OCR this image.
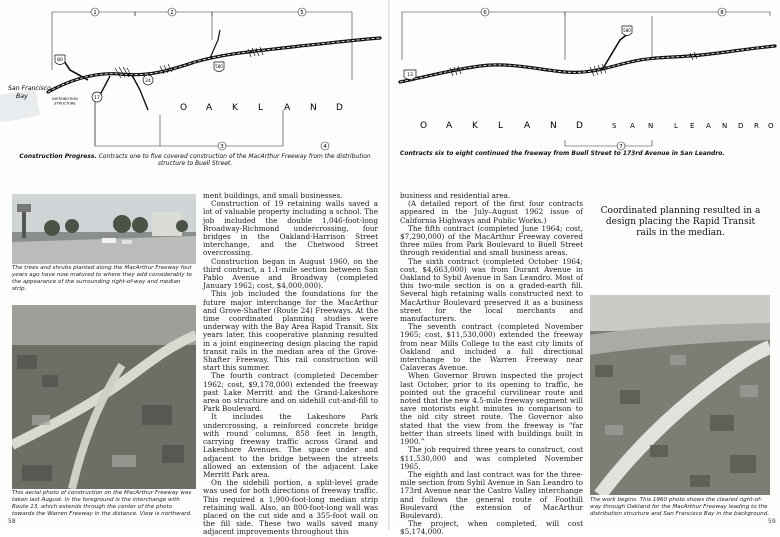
1	2
3
5
San Francisco
Bay	DISTRIBUTION
STRUCTURE
80
17
24
580
O A K L A N D
4
Construction Progress. Contracts one to five covered construction of the MacArthur Freeway from the distribution structure to Buell Street.
The trees and shrubs planted along the MacArthur Freeway four years ago have now matured to where they add considerably to the appearance of the surrounding right-of-way and median strip.
This aerial photo of construction on the MacArthur Freeway was taken last August. In the foreground is the interchange with Route 13, which extends through the center of the photo towards the Warren Freeway in the distance. View is northward.
58

ment buildings, and small businesses.

Construction of 19 retaining walls saved a lot of valuable property including a school. The job included the double 1,046-foot-long Broadway-Richmond undercrossing, four bridges in the Oakland-Harrison Street interchange, and the Chetwood Street overcrossing.

Construction began in August 1960, on the third contract, a 1.1-mile section between San Pablo Avenue and Broadway (completed January 1962; cost, $4,000,000).

This job included the foundations for the future major interchange for the MacArthur and Grove-Shafter (Route 24) Freeways. At the time coordinated planning studies were underway with the Bay Area Rapid Transit. Six years later, this cooperative planning resulted in a joint engineering design placing the rapid transit rails in the median area of the Grove-Shafter Freeway. This rail construction will start this summer.

The fourth contract (completed December 1962; cost, $9,178,000) extended the freeway past Lake Merritt and the Grand-Lakeshore area on structure and on sidehill cut-and-fill to Park Boulevard.

It includes the Lakeshore Park undercrossing, a reinforced concrete bridge with round columns, 858 feet in length, carrying freeway traffic across Grand and Lakeshore Avenues. The space under and adjacent to the bridge between the streets allowed an extension of the adjacent Lake Merritt Park area.

On the sidehill portion, a split-level grade was used for both directions of freeway traffic. This required a 1,900-foot-long median strip retaining wall. Also, an 800-foot-long wall was placed on the cut side and a 355-foot wall on the fill side. These two walls saved many adjacent improvements throughout this

6	8
7
13
580
O A K L A N D	S A N	L E A N D R O
Contracts six to eight continued the freeway from Buell Street to 173rd Avenue in San Leandro.

business and residential area.

(A detailed report of the first four contracts appeared in the July–August 1962 issue of California Highways and Public Works.)

The fifth contract (completed June 1964; cost, $7,290,000) of the MacArthur Freeway covered three miles from Park Boulevard to Buell Street through residential and small business areas.

The sixth contract (completed October 1964; cost, $4,663,000) was from Durant Avenue in Oakland to Sybil Avenue in San Leandro. Most of this two-mile section is on a graded-earth fill. Several high retaining walls constructed next to MacArthur Boulevard preserved it as a business street for the local merchants and manufacturers.

The seventh contract (completed November 1965; cost, $11,530,000) extended the freeway from near Mills College to the east city limits of Oakland and included a full directional interchange to the Warren Freeway near Calaveras Avenue.

When Governor Brown inspected the project last October, prior to its opening to traffic, he pointed out the graceful curvilinear route and noted that the new 4.5-mile freeway segment will save motorists eight minutes in comparison to the old city street route. The Governor also stated that the view from the freeway is “far better than streets lined with buildings built in 1900.”

The job required three years to construct, cost $11,530,000 and was completed November 1965.

The eighth and last contract was for the three-mile section from Sybil Avenue in San Leandro to 173rd Avenue near the Castro Valley interchange and follows the general route of Foothill Boulevard (the extension of MacArthur Boulevard).

The project, when completed, will cost $5,174,000.

Coordinated planning resulted in a design placing the Rapid Transit rails in the median.
The work begins. This 1960 photo shows the cleared right-of-way through Oakland for the MacArthur Freeway leading to the distribution structure and San Francisco Bay in the background.
59
